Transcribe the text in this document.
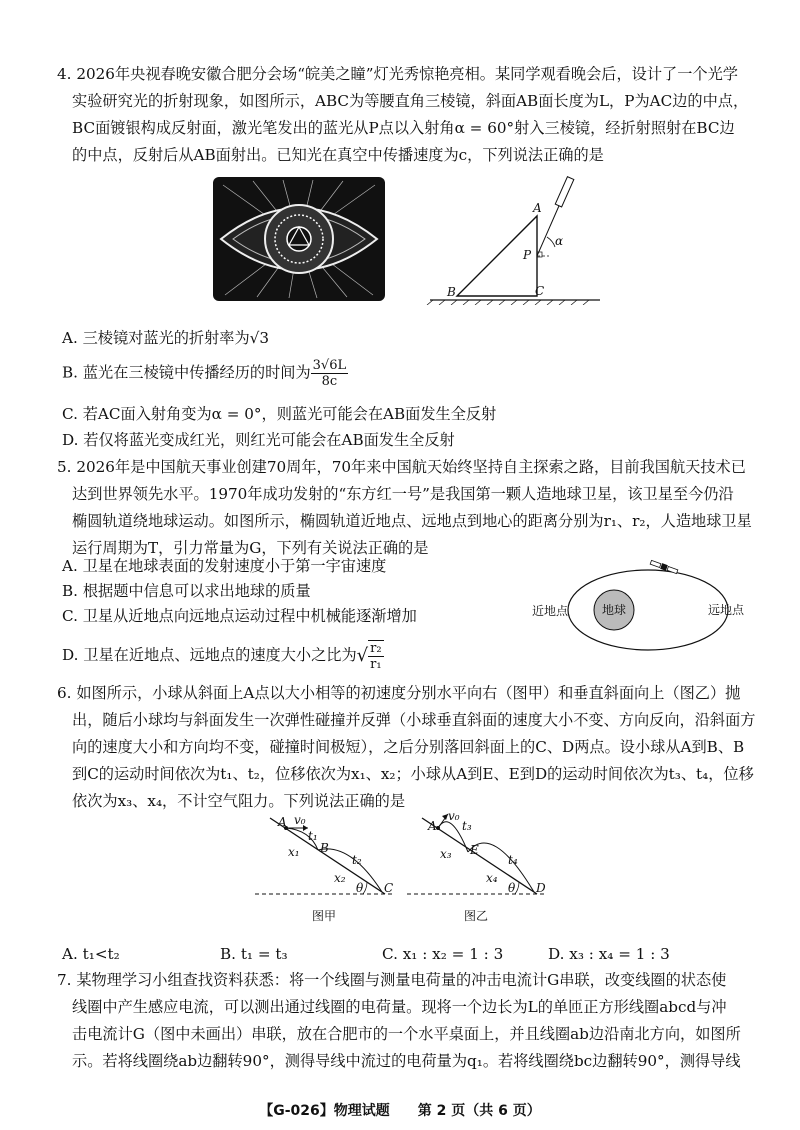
4. 2026年央视春晚安徽合肥分会场“皖美之瞳”灯光秀惊艳亮相。某同学观看晚会后，设计了一个光学
实验研究光的折射现象，如图所示，ABC为等腰直角三棱镜，斜面AB面长度为L，P为AC边的中点，
BC面镀银构成反射面，激光笔发出的蓝光从P点以入射角α = 60°射入三棱镜，经折射照射在BC边
的中点，反射后从AB面射出。已知光在真空中传播速度为c，下列说法正确的是
A
B	C
P
α
A. 三棱镜对蓝光的折射率为√3
B. 蓝光在三棱镜中传播经历的时间为 $\frac{3√6L}{8c}$
C. 若AC面入射角变为α = 0°，则蓝光可能会在AB面发生全反射
D. 若仅将蓝光变成红光，则红光可能会在AB面发生全反射
5. 2026年是中国航天事业创建70周年，70年来中国航天始终坚持自主探索之路，目前我国航天技术已
达到世界领先水平。1970年成功发射的“东方红一号”是我国第一颗人造地球卫星，该卫星至今仍沿
椭圆轨道绕地球运动。如图所示，椭圆轨道近地点、远地点到地心的距离分别为r₁、r₂，人造地球卫星
运行周期为T，引力常量为G，下列有关说法正确的是
A. 卫星在地球表面的发射速度小于第一宇宙速度
B. 根据题中信息可以求出地球的质量
C. 卫星从近地点向远地点运动过程中机械能逐渐增加
D. 卫星在近地点、远地点的速度大小之比为√ $\frac{\text{r₂}}{\text{r₁}}$
近地点	地球	远地点
6. 如图所示，小球从斜面上A点以大小相等的初速度分别水平向右（图甲）和垂直斜面向上（图乙）抛
出，随后小球均与斜面发生一次弹性碰撞并反弹（小球垂直斜面的速度大小不变、方向反向，沿斜面方
向的速度大小和方向均不变，碰撞时间极短），之后分别落回斜面上的C、D两点。设小球从A到B、B
到C的运动时间依次为t₁、t₂，位移依次为x₁、x₂；小球从A到E、E到D的运动时间依次为t₃、t₄，位移
依次为x₃、x₄，不计空气阻力。下列说法正确的是
A v₀
t₁
B
t₂
x₁
x₂
θ C
图甲
A
v₀
t₃
E
t₄
x₃
x₄
θ D
图乙
A. t₁<t₂	B. t₁ = t₃	C. x₁ : x₂ = 1 : 3	D. x₃ : x₄ = 1 : 3
7. 某物理学习小组查找资料获悉：将一个线圈与测量电荷量的冲击电流计G串联，改变线圈的状态使
线圈中产生感应电流，可以测出通过线圈的电荷量。现将一个边长为L的单匝正方形线圈abcd与冲
击电流计G（图中未画出）串联，放在合肥市的一个水平桌面上，并且线圈ab边沿南北方向，如图所
示。若将线圈绕ab边翻转90°，测得导线中流过的电荷量为q₁。若将线圈绕bc边翻转90°，测得导线
【G-026】物理试题　　第 2 页（共 6 页）
